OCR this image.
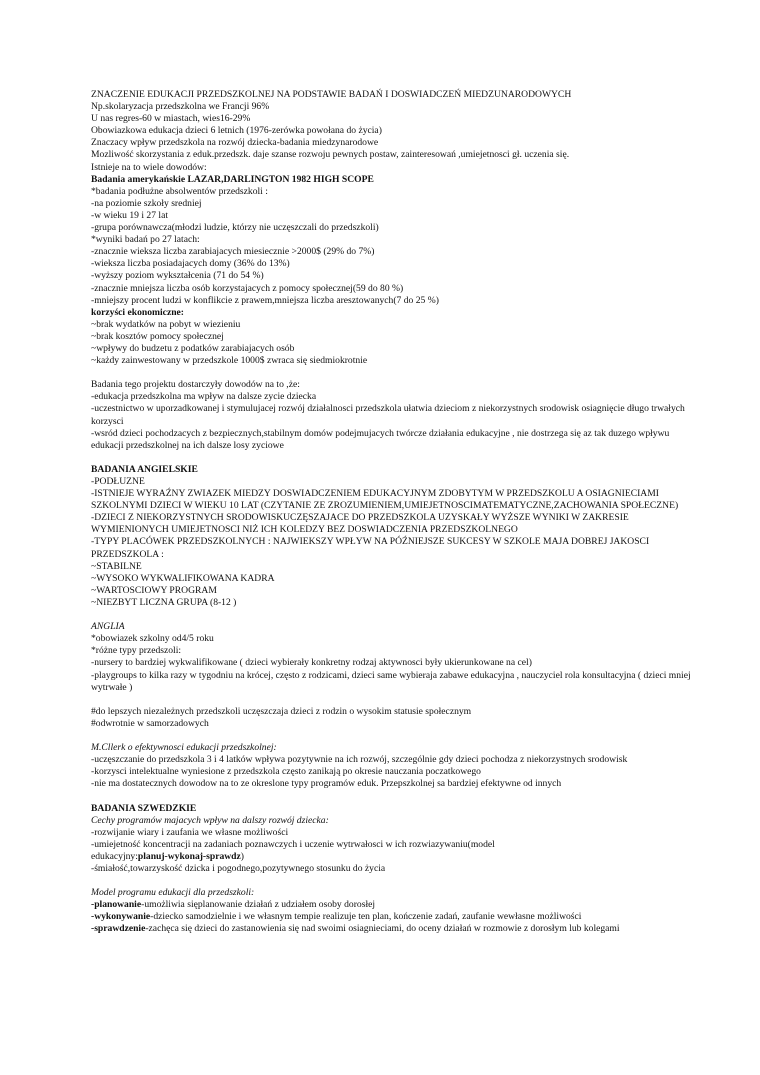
ZNACZENIE EDUKACJI PRZEDSZKOLNEJ NA PODSTAWIE BADAŃ I DOSWIADCZEŃ MIEDZUNARODOWYCH
Np.skolaryzacja przedszkolna we Francji 96%
U nas regres-60 w miastach, wies16-29%
Obowiazkowa edukacja dzieci 6 letnich (1976-zerówka powołana do życia)
Znaczacy wpływ przedszkola na rozwój dziecka-badania miedzynarodowe
Mozliwość skorzystania z eduk.przedszk. daje szanse rozwoju pewnych postaw, zainteresowań ,umiejetnosci gł. uczenia się.
Istnieje na to wiele dowodów:
Badania amerykańskie LAZAR,DARLINGTON 1982 HIGH SCOPE
*badania podłużne absolwentów przedszkoli :
-na poziomie szkoły sredniej
-w wieku 19 i 27 lat
-grupa porównawcza(młodzi ludzie, którzy nie uczęszczali do przedszkoli)
*wyniki badań po 27 latach:
-znacznie wieksza liczba zarabiajacych miesiecznie >2000$ (29% do 7%)
-wieksza liczba posiadajacych domy (36% do 13%)
-wyższy poziom wykształcenia (71 do 54 %)
-znacznie mniejsza liczba osób korzystajacych z pomocy społecznej(59 do 80 %)
-mniejszy procent ludzi w konflikcie z prawem,mniejsza liczba aresztowanych(7 do 25 %)
korzyści ekonomiczne:
~brak wydatków na pobyt w wiezieniu
~brak kosztów pomocy społecznej
~wpływy do budzetu z podatków zarabiajacych osób
~każdy zainwestowany w przedszkole 1000$ zwraca się siedmiokrotnie
Badania tego projektu dostarczyły dowodów na to ,że:
-edukacja przedszkolna ma wpływ na dalsze zycie dziecka
-uczestnictwo w uporzadkowanej i stymulujacej rozwój działalnosci przedszkola ułatwia dzieciom z niekorzystnych srodowisk osiagnięcie długo trwałych korzysci
-wsród dzieci pochodzacych z bezpiecznych,stabilnym domów podejmujacych twórcze działania edukacyjne , nie dostrzega się az tak duzego wpływu edukacji przedszkolnej na ich dalsze losy zyciowe
BADANIA ANGIELSKIE
-PODŁUZNE
-ISTNIEJE WYRAŹNY ZWIAZEK MIEDZY DOSWIADCZENIEM EDUKACYJNYM ZDOBYTYM W PRZEDSZKOLU A OSIAGNIECIAMI SZKOLNYMI DZIECI W WIEKU 10 LAT (CZYTANIE ZE ZROZUMIENIEM,UMIEJETNOSCIMATEMATYCZNE,ZACHOWANIA SPOŁECZNE)
-DZIECI Z NIEKORZYSTNYCH SRODOWISKUCZĘSZAJACE DO PRZEDSZKOLA UZYSKAŁY WYŻSZE WYNIKI W ZAKRESIE WYMIENIONYCH UMIEJETNOSCI NIŻ ICH KOLEDZY BEZ DOSWIADCZENIA PRZEDSZKOLNEGO
-TYPY PLACÓWEK PRZEDSZKOLNYCH : NAJWIEKSZY WPŁYW NA PÓŹNIEJSZE SUKCESY W SZKOLE MAJA DOBREJ JAKOSCI PRZEDSZKOLA :
~STABILNE
~WYSOKO WYKWALIFIKOWANA KADRA
~WARTOSCIOWY PROGRAM
~NIEZBYT LICZNA GRUPA (8-12 )
ANGLIA
*obowiazek szkolny od4/5 roku
*różne typy przedszoli:
-nursery to bardziej wykwalifikowane ( dzieci wybierały konkretny rodzaj aktywnosci były ukierunkowane na cel)
-playgroups to kilka razy w tygodniu na krócej, często z rodzicami, dzieci same wybieraja zabawe edukacyjna , nauczyciel rola konsultacyjna ( dzieci mniej wytrwałe )
#do lepszych niezależnych przedszkoli uczęszczaja dzieci z rodzin o wysokim statusie społecznym
#odwrotnie w samorzadowych
M.Cllerk o efektywnosci edukacji przedszkolnej:
-uczęszczanie do przedszkola 3 i 4 latków wpływa pozytywnie na ich rozwój, szczególnie gdy dzieci pochodza z niekorzystnych srodowisk
-korzysci intelektualne wyniesione z przedszkola często zanikają po okresie nauczania poczatkowego
-nie ma dostatecznych dowodow na to ze okreslone typy programów eduk. Przepszkolnej sa bardziej efektywne od innych
BADANIA SZWEDZKIE
Cechy programów majacych wpływ na dalszy rozwój dziecka:
-rozwijanie wiary i zaufania we własne możliwości
-umiejetność koncentracji na zadaniach poznawczych i uczenie wytrwałosci w ich rozwiazywaniu(model
edukacyjny:planuj-wykonaj-sprawdz)
-śmiałość,towarzyskość dzicka i pogodnego,pozytywnego stosunku do życia
Model programu edukacji dla przedszkoli:
-planowanie-umożliwia sięplanowanie działań z udziałem osoby dorosłej
-wykonywanie-dziecko samodzielnie i we własnym tempie realizuje ten plan, kończenie zadań, zaufanie wewłasne możliwości
-sprawdzenie-zachęca się dzieci do zastanowienia się nad swoimi osiagnieciami, do oceny działań w rozmowie z dorosłym lub kolegami
